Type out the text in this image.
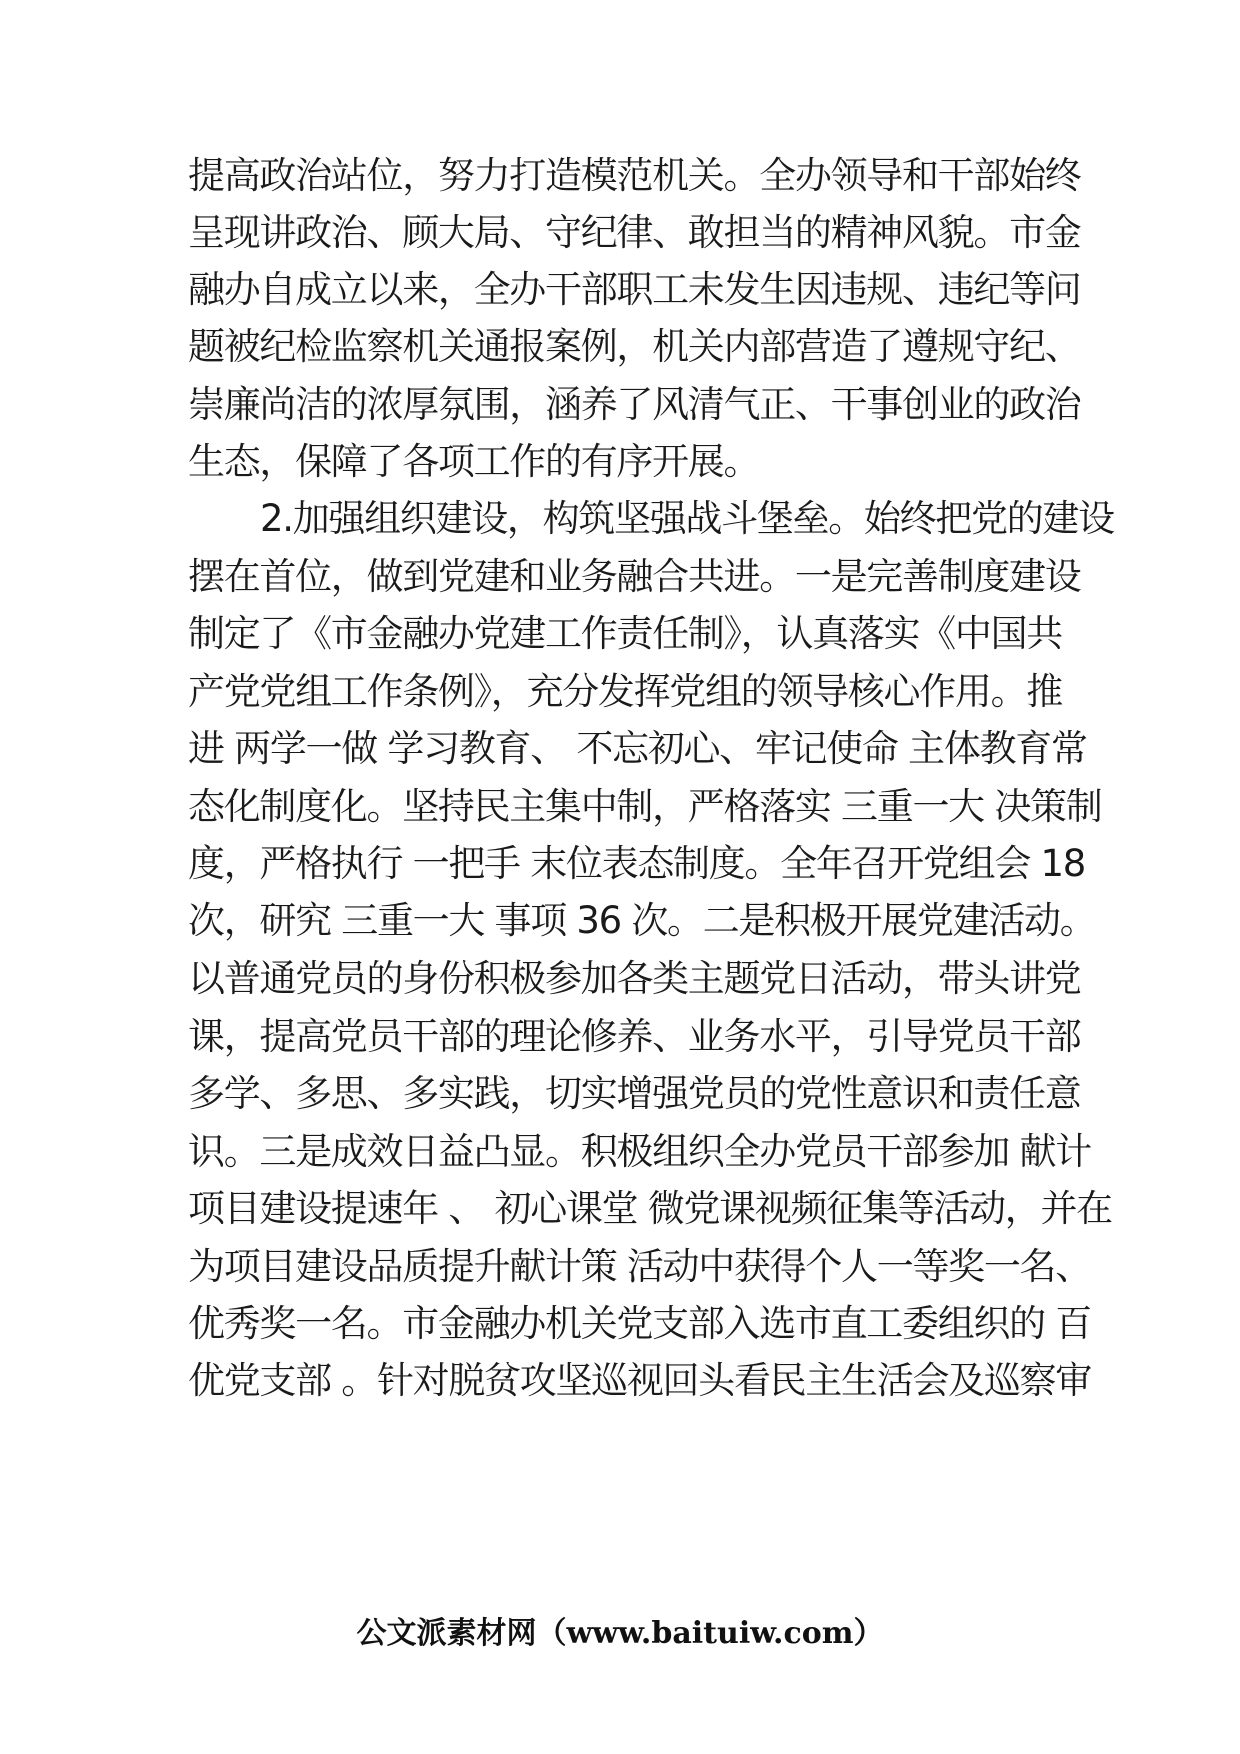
提高政治站位，努力打造模范机关。全办领导和干部始终
呈现讲政治、顾大局、守纪律、敢担当的精神风貌。市金
融办自成立以来，全办干部职工未发生因违规、违纪等问
题被纪检监察机关通报案例，机关内部营造了遵规守纪、
崇廉尚洁的浓厚氛围，涵养了风清气正、干事创业的政治
生态，保障了各项工作的有序开展。
2.加强组织建设，构筑坚强战斗堡垒。始终把党的建设
摆在首位，做到党建和业务融合共进。一是完善制度建设
制定了《市金融办党建工作责任制》，认真落实《中国共
产党党组工作条例》，充分发挥党组的领导核心作用。推
进 两学一做 学习教育、 不忘初心、牢记使命 主体教育常
态化制度化。坚持民主集中制，严格落实 三重一大 决策制
度，严格执行 一把手 末位表态制度。全年召开党组会 18
次，研究 三重一大 事项 36 次。二是积极开展党建活动。
以普通党员的身份积极参加各类主题党日活动，带头讲党
课，提高党员干部的理论修养、业务水平，引导党员干部
多学、多思、多实践，切实增强党员的党性意识和责任意
识。三是成效日益凸显。积极组织全办党员干部参加 献计
项目建设提速年 、 初心课堂 微党课视频征集等活动，并在
为项目建设品质提升献计策 活动中获得个人一等奖一名、
优秀奖一名。市金融办机关党支部入选市直工委组织的 百
优党支部 。针对脱贫攻坚巡视回头看民主生活会及巡察审
公文派素材网（www.baituiw.com）
